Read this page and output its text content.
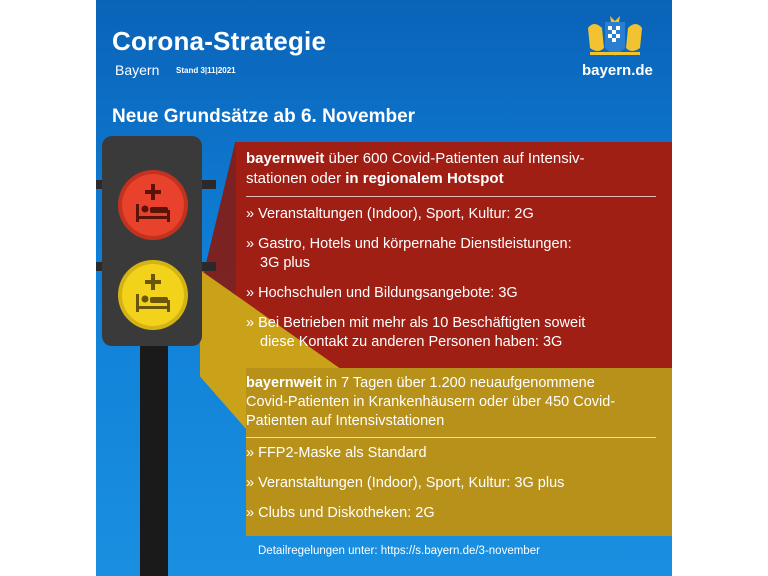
Corona-Strategie
Bayern Stand 3|11|2021	bayern.de
Neue Grundsätze ab 6. November
bayernweit über 600 Covid-Patienten auf Intensiv-
stationen oder in regionalem Hotspot
» Veranstaltungen (Indoor), Sport, Kultur: 2G
» Gastro, Hotels und körpernahe Dienstleistungen:
3G plus
» Hochschulen und Bildungsangebote: 3G
» Bei Betrieben mit mehr als 10 Beschäftigten soweit
diese Kontakt zu anderen Personen haben: 3G
bayernweit in 7 Tagen über 1.200 neuaufgenommene
Covid-Patienten in Krankenhäusern oder über 450 Covid-
Patienten auf Intensivstationen
» FFP2-Maske als Standard
» Veranstaltungen (Indoor), Sport, Kultur: 3G plus
» Clubs und Diskotheken: 2G
Detailregelungen unter: https://s.bayern.de/3-november
